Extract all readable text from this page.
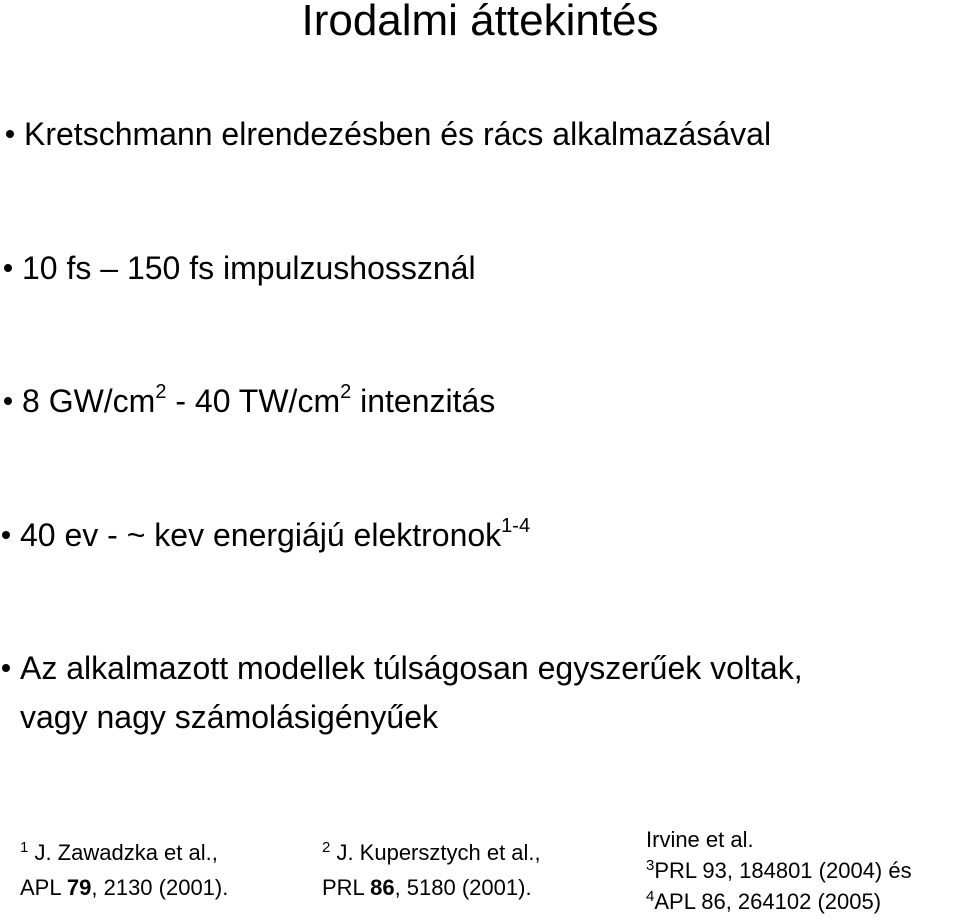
Irodalmi áttekintés
Kretschmann elrendezésben és rács alkalmazásával
10 fs – 150 fs impulzushossznál
8 $GW/cm^2 - 40$ $TW/cm^2$ intenzitás
40 ev - ~ kev energiájú elektronok$^{1-4}$
Az alkalmazott modellek túlságosan egyszerűek voltak,
vagy nagy számolásigényűek
$^1$ J. Zawadzka et al.,
APL 79, 2130 (2001).
$^2$ J. Kupersztych et al.,
PRL 86, 5180 (2001).
Irvine et al.
$^3$PRL 93, 184801 (2004) és
$^4$APL 86, 264102 (2005)
